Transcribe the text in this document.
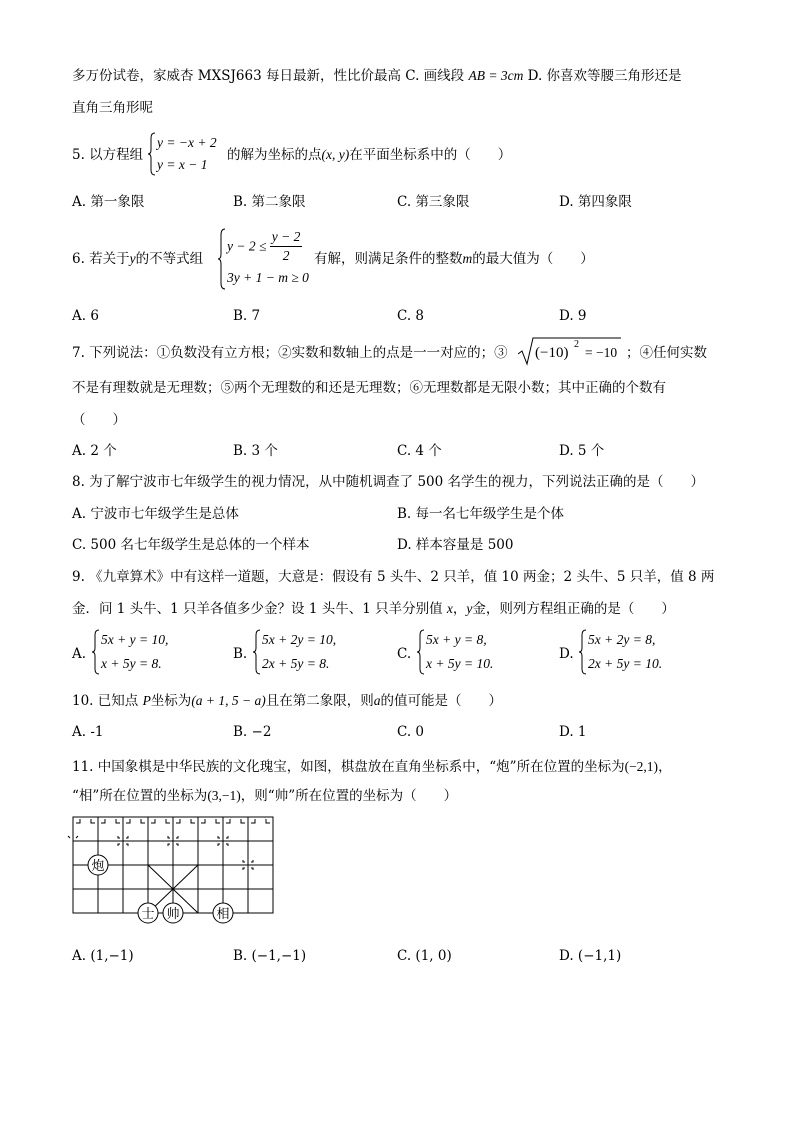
多万份试卷，家威杏 MXSJ663 每日最新，性比价最高 C. 画线段 AB = 3cm D. 你喜欢等腰三角形还是
直角三角形呢
5. 以方程组
y = −x + 2
y = x − 1
的解为坐标的点(x, y)在平面坐标系中的（　　）
A. 第一象限	B. 第二象限	C. 第三象限	D. 第四象限
6. 若关于y的不等式组
$y - 2 \le \frac{y - 2}{2}$
3y + 1 − m ≥ 0
有解，则满足条件的整数m的最大值为（　　）
A. 6	B. 7	C. 8	D. 9
7. 下列说法：①负数没有立方根；②实数和数轴上的点是一一对应的；③ (−10)
2
= −10 ；④任何实数
不是有理数就是无理数；⑤两个无理数的和还是无理数；⑥无理数都是无限小数；其中正确的个数有
（　　）
A. 2 个	B. 3 个	C. 4 个	D. 5 个
8. 为了解宁波市七年级学生的视力情况，从中随机调查了 500 名学生的视力，下列说法正确的是（　　）
A. 宁波市七年级学生是总体	B. 每一名七年级学生是个体
C. 500 名七年级学生是总体的一个样本	D. 样本容量是 500
9. 《九章算术》中有这样一道题，大意是：假设有 5 头牛、2 只羊，值 10 两金；2 头牛、5 只羊，值 8 两
金．问 1 头牛、1 只羊各值多少金？设 1 头牛、1 只羊分别值 x，y金，则列方程组正确的是（　　）
A.
5x + y = 10,
x + 5y = 8.
B.
5x + 2y = 10,
2x + 5y = 8.
C.
5x + y = 8,
x + 5y = 10.
D.
5x + 2y = 8,
2x + 5y = 10.
10. 已知点 P坐标为(a + 1, 5 − a)且在第二象限，则a的值可能是（　　）
A. -1	B. −2	C. 0	D. 1
11. 中国象棋是中华民族的文化瑰宝，如图，棋盘放在直角坐标系中，“炮”所在位置的坐标为(−2,1)，
“相”所在位置的坐标为(3,−1)，则“帅”所在位置的坐标为（　　）
炮
士 帅	相
A. (1,−1)	B. (−1,−1)	C. (1, 0)	D. (−1,1)
